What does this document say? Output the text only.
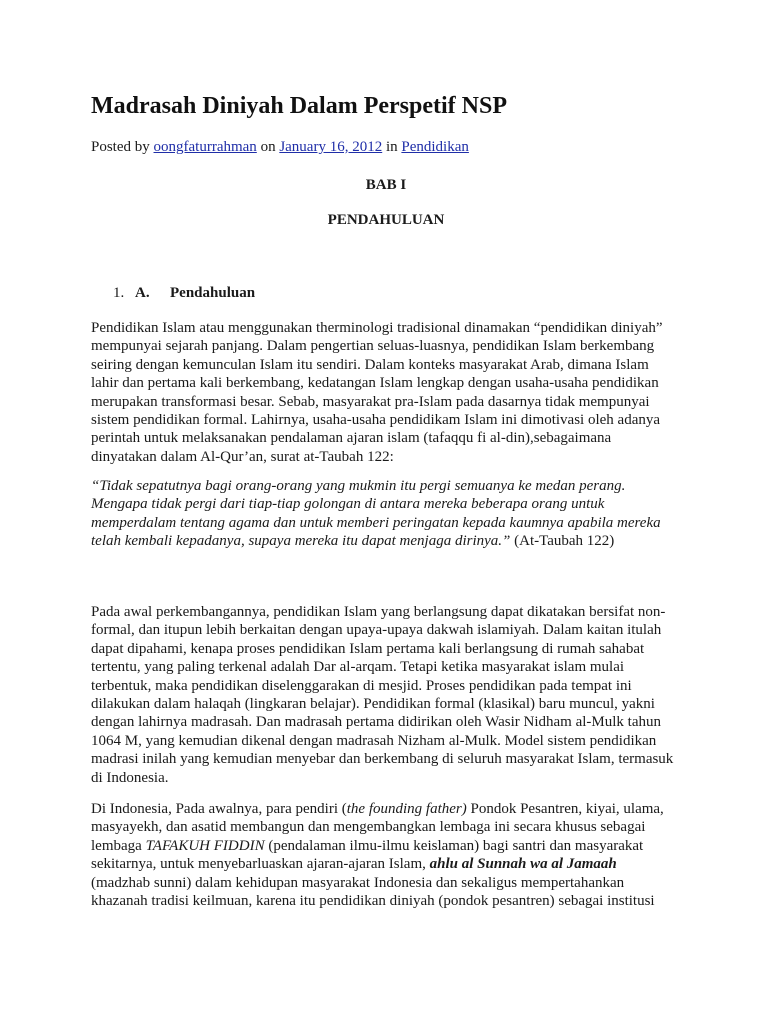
Madrasah Diniyah Dalam Perspetif NSP
Posted by oongfaturrahman on January 16, 2012 in Pendidikan
BAB I
PENDAHULUAN
1. A. Pendahuluan
Pendidikan Islam atau menggunakan therminologi tradisional dinamakan “pendidikan diniyah”
mempunyai sejarah panjang. Dalam pengertian seluas-luasnya, pendidikan Islam berkembang
seiring dengan kemunculan Islam itu sendiri. Dalam konteks masyarakat Arab, dimana Islam
lahir dan pertama kali berkembang, kedatangan Islam lengkap dengan usaha-usaha pendidikan
merupakan transformasi besar. Sebab, masyarakat pra-Islam pada dasarnya tidak mempunyai
sistem pendidikan formal. Lahirnya, usaha-usaha pendidikam Islam ini dimotivasi oleh adanya
perintah untuk melaksanakan pendalaman ajaran islam (tafaqqu fi al-din),sebagaimana
dinyatakan dalam Al-Qur’an, surat at-Taubah 122:
“Tidak sepatutnya bagi orang-orang yang mukmin itu pergi semuanya ke medan perang.
Mengapa tidak pergi dari tiap-tiap golongan di antara mereka beberapa orang untuk
memperdalam tentang agama dan untuk memberi peringatan kepada kaumnya apabila mereka
telah kembali kepadanya, supaya mereka itu dapat menjaga dirinya.” (At-Taubah 122)
Pada awal perkembangannya, pendidikan Islam yang berlangsung dapat dikatakan bersifat non-
formal, dan itupun lebih berkaitan dengan upaya-upaya dakwah islamiyah. Dalam kaitan itulah
dapat dipahami, kenapa proses pendidikan Islam pertama kali berlangsung di rumah sahabat
tertentu, yang paling terkenal adalah Dar al-arqam. Tetapi ketika masyarakat islam mulai
terbentuk, maka pendidikan diselenggarakan di mesjid. Proses pendidikan pada tempat ini
dilakukan dalam halaqah (lingkaran belajar). Pendidikan formal (klasikal) baru muncul, yakni
dengan lahirnya madrasah. Dan madrasah pertama didirikan oleh Wasir Nidham al-Mulk tahun
1064 M, yang kemudian dikenal dengan madrasah Nizham al-Mulk. Model sistem pendidikan
madrasi inilah yang kemudian menyebar dan berkembang di seluruh masyarakat Islam, termasuk
di Indonesia.
Di Indonesia, Pada awalnya, para pendiri (the founding father) Pondok Pesantren, kiyai, ulama,
masyayekh, dan asatid membangun dan mengembangkan lembaga ini secara khusus sebagai
lembaga TAFAKUH FIDDIN (pendalaman ilmu-ilmu keislaman) bagi santri dan masyarakat
sekitarnya, untuk menyebarluaskan ajaran-ajaran Islam, ahlu al Sunnah wa al Jamaah
(madzhab sunni) dalam kehidupan masyarakat Indonesia dan sekaligus mempertahankan
khazanah tradisi keilmuan, karena itu pendidikan diniyah (pondok pesantren) sebagai institusi
